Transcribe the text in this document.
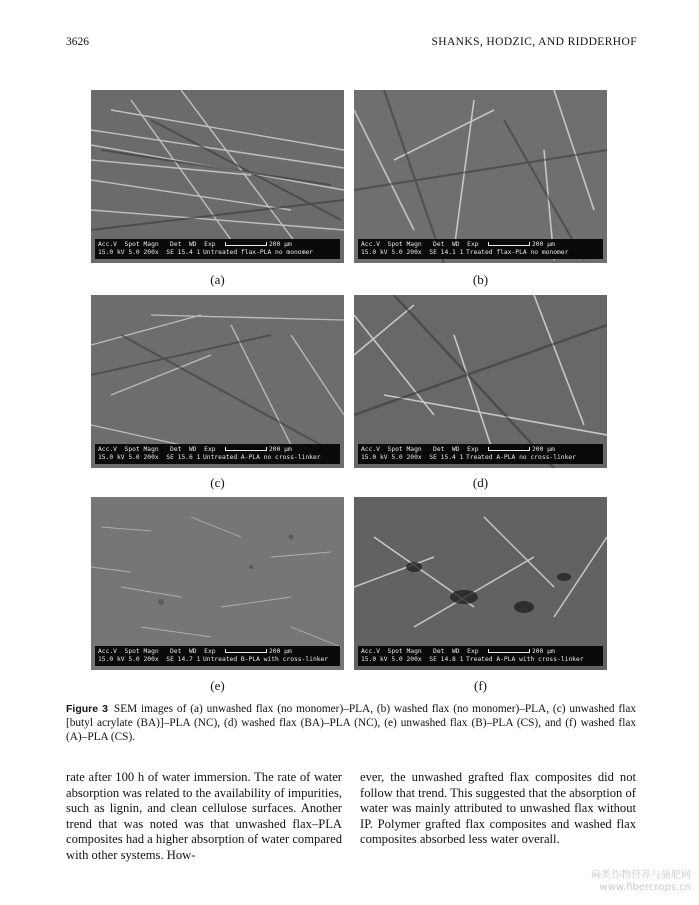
3626	SHANKS, HODZIC, AND RIDDERHOF
Acc.V  Spot Magn   Det  WD  Exp
15.0 kV 5.0 200x SE 15.4 1
200 μm
Untreated flax-PLA no monomer
(a)
Acc.V  Spot Magn   Det  WD  Exp
15.0 kV 5.0 200x SE 14.1 1
200 μm
Treated flax-PLA no monomer
(b)
Acc.V  Spot Magn   Det  WD  Exp
15.0 kV 5.0 200x SE 15.6 1
200 μm
Untreated A-PLA no cross-linker
(c)
Acc.V  Spot Magn   Det  WD  Exp
15.0 kV 5.0 200x SE 15.4 1
200 μm
Treated A-PLA no cross-linker
(d)
Acc.V  Spot Magn   Det  WD  Exp
15.0 kV 5.0 200x SE 14.7 1
200 μm
Untreated B-PLA with cross-linker
(e)
Acc.V  Spot Magn   Det  WD  Exp
15.0 kV 5.0 200x SE 14.8 1
200 μm
Treated A-PLA with cross-linker
(f)
Figure 3 SEM images of (a) unwashed flax (no monomer)–PLA, (b) washed flax (no monomer)–PLA, (c) unwashed flax [butyl acrylate (BA)]–PLA (NC), (d) washed flax (BA)–PLA (NC), (e) unwashed flax (B)–PLA (CS), and (f) washed flax (A)–PLA (CS).
rate after 100 h of water immersion. The rate of water absorption was related to the availability of impurities, such as lignin, and clean cellulose surfaces. Another trend that was noted was that unwashed flax–PLA composites had a higher absorption of water compared with other systems. How-
ever, the unwashed grafted flax composites did not follow that trend. This suggested that the absorption of water was mainly attributed to unwashed flax without IP. Polymer grafted flax composites and washed flax composites absorbed less water overall.
麻类作物营养与施肥网
www.fibercrops.cn
